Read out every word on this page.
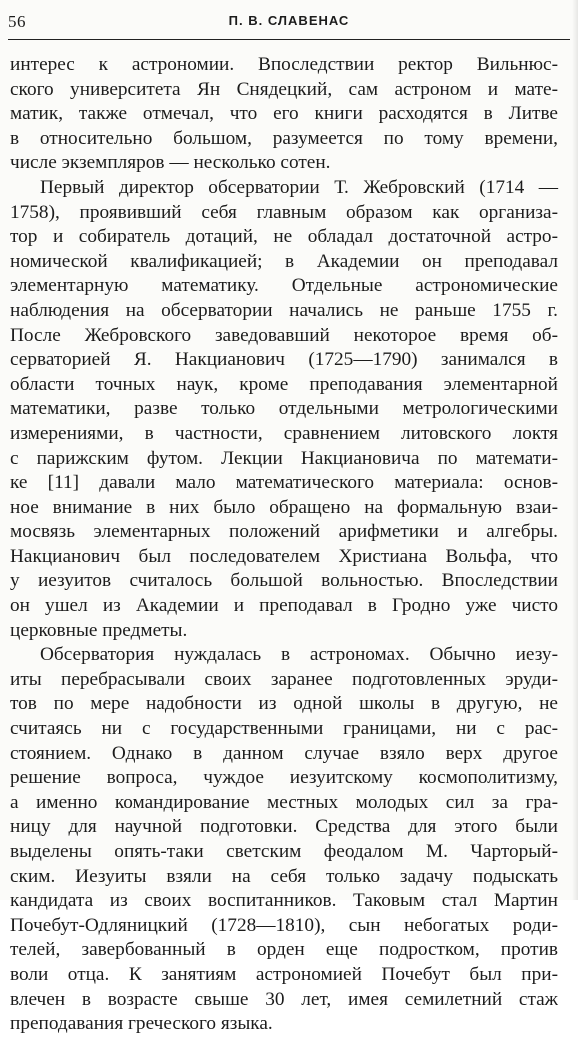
56	П. В. СЛАВЕНАС
интерес к астрономии. Впоследствии ректор Вильнюс-
ского университета Ян Снядецкий, сам астроном и мате-
матик, также отмечал, что его книги расходятся в Литве
в относительно большом, разумеется по тому времени,
числе экземпляров — несколько сотен.
Первый директор обсерватории Т. Жебровский (1714 —
1758), проявивший себя главным образом как организа-
тор и собиратель дотаций, не обладал достаточной астро-
номической квалификацией; в Академии он преподавал
элементарную математику. Отдельные астрономические
наблюдения на обсерватории начались не раньше 1755 г.
После Жебровского заведовавший некоторое время об-
серваторией Я. Накцианович (1725—1790) занимался в
области точных наук, кроме преподавания элементарной
математики, разве только отдельными метрологическими
измерениями, в частности, сравнением литовского локтя
с парижским футом. Лекции Накциановича по математи-
ке [11] давали мало математического материала: основ-
ное внимание в них было обращено на формальную взаи-
мосвязь элементарных положений арифметики и алгебры.
Накцианович был последователем Христиана Вольфа, что
у иезуитов считалось большой вольностью. Впоследствии
он ушел из Академии и преподавал в Гродно уже чисто
церковные предметы.
Обсерватория нуждалась в астрономах. Обычно иезу-
иты перебрасывали своих заранее подготовленных эруди-
тов по мере надобности из одной школы в другую, не
считаясь ни с государственными границами, ни с рас-
стоянием. Однако в данном случае взяло верх другое
решение вопроса, чуждое иезуитскому космополитизму,
а именно командирование местных молодых сил за гра-
ницу для научной подготовки. Средства для этого были
выделены опять-таки светским феодалом М. Чарторый-
ским. Иезуиты взяли на себя только задачу подыскать
кандидата из своих воспитанников. Таковым стал Мартин
Почебут-Одляницкий (1728—1810), сын небогатых роди-
телей, завербованный в орден еще подростком, против
воли отца. К занятиям астрономией Почебут был при-
влечен в возрасте свыше 30 лет, имея семилетний стаж
преподавания греческого языка.
